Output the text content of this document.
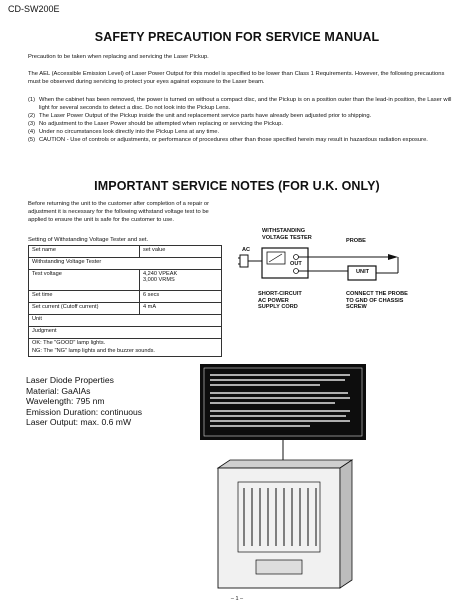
CD-SW200E
SAFETY PRECAUTION FOR SERVICE MANUAL
Precaution to be taken when replacing and servicing the Laser Pickup.
The AEL (Accessible Emission Level) of Laser Power Output for this model is specified to be lower than Class 1 Requirements. However, the following precautions must be observed during servicing to protect your eyes against exposure to the Laser beam.
(1) When the cabinet has been removed, the power is turned on without a compact disc, and the Pickup is on a position outer than the lead-in position, the Laser will light for several seconds to detect a disc. Do not look into the Pickup Lens.
(2) The Laser Power Output of the Pickup inside the unit and replacement service parts have already been adjusted prior to shipping.
(3) No adjustment to the Laser Power should be attempted when replacing or servicing the Pickup.
(4) Under no circumstances look directly into the Pickup Lens at any time.
(5) CAUTION - Use of controls or adjustments, or performance of procedures other than those specified herein may result in hazardous radiation exposure.
IMPORTANT SERVICE NOTES (FOR U.K. ONLY)
Before returning the unit to the customer after completion of a repair or adjustment it is necessary for the following withstand voltage test to be applied to ensure the unit is safe for the customer to use.
Setting of Withstanding Voltage Tester and set.
Set name	set value
Withstanding Voltage Tester	
Test voltage	4,240 VPEAK
3,000 VRMS
Set time	6 secs
Set current (Cutoff current)	4 mA
Unit	
Judgment	

OK: The "GOOD" lamp lights.
NG: The "NG" lamp lights and the buzzer sounds.	
WITHSTANDING
VOLTAGE TESTER
AC
PROBE
OUT
UNIT
SHORT-CIRCUIT
AC POWER
SUPPLY CORD
CONNECT THE PROBE
TO GND OF CHASSIS
SCREW
Laser Diode Properties
Material: GaAlAs
Wavelength: 795 nm
Emission Duration: continuous
Laser Output: max. 0.6 mW
– 1 –
